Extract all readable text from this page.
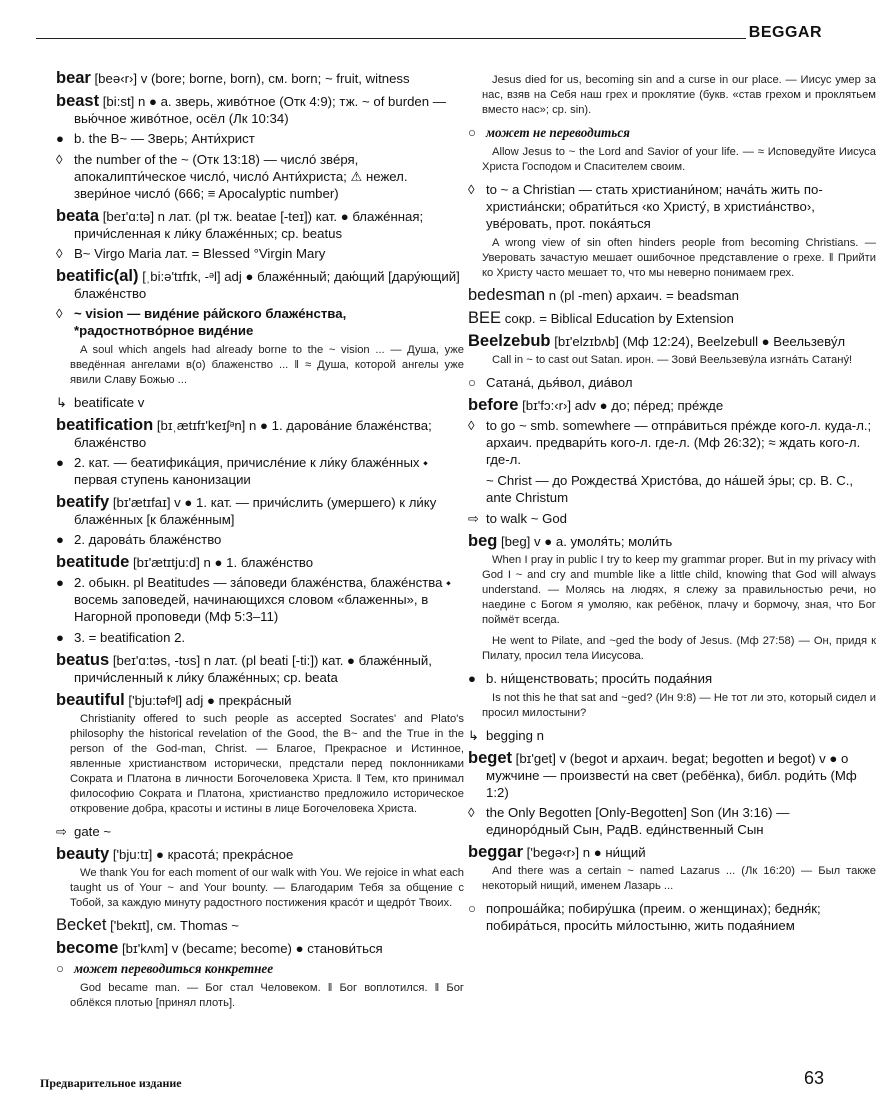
BEGGAR
bear [beə‹r›] v (bore; borne, born), см. born; ~ fruit, witness
beast [bi:st] n ● a. зверь, живóтное (Отк 4:9); тж. ~ of burden — вью́чное живóтное, осёл (Лк 10:34)
● b. the B~ — Зверь; Анти́христ
◊ the number of the ~ (Отк 13:18) — числó звéря, апокалипти́ческое числó, числó Анти́христа; ⚠ нежел. звери́ное числó (666; ≡ Apocalyptic number)
beata [beɪ'ɑ:tə] n лат. (pl тж. beatae [-teɪ]) кат. ● блажéнная; причи́сленная к ли́ку блажéнных; ср. beatus
◊ B~ Virgo Maria лат. = Blessed °Virgin Mary
beatific(al) [ˌbi:ə'tɪfɪk, -ᵊl] adj ● блажéнный; даю́щий [дару́ющий] блажéнство
◊ ~ vision — видéние ра́йского блажéнства, *радостнотвóрное видéние
A soul which angels had already borne to the ~ vision ... — Душа, уже введённая ангелами в(о) блаженство ... ‖ ≈ Душа, которой ангелы уже явили Славу Божью ...
↳ beatificate v
beatification [bɪˌætɪfɪ'keɪʃᵊn] n ● 1. дарова́ние блажéнства; блажéнство
● 2. кат. — беатифика́ция, причислéние к ли́ку блажéнных ⬩ первая ступень канонизации
beatify [bɪ'ætɪfaɪ] v ● 1. кат. — причи́слить (умершего) к ли́ку блажéнных [к блажéнным]
● 2. дарова́ть блажéнство
beatitude [bɪ'ætɪtju:d] n ● 1. блажéнство
● 2. обыкн. pl Beatitudes — за́поведи блажéнства, блажéнства ⬩ восемь заповедей, начинающихся словом «блаженны», в Нагорной проповеди (Мф 5:3–11)
● 3. = beatification 2.
beatus [beɪ'ɑ:təs, -tʊs] n лат. (pl beati [-ti:]) кат. ● блажéнный, причи́сленный к ли́ку блажéнных; ср. beata
beautiful ['bju:təfᵊl] adj ● прекра́сный
Christianity offered to such people as accepted Socrates' and Plato's philosophy the historical revelation of the Good, the B~ and the True in the person of the God-man, Christ. — Благое, Прекрасное и Истинное, явленные христианством исторически, предстали перед поклонниками Сократа и Платона в личности Богочеловека Христа. ‖ Тем, кто принимал философию Сократа и Платона, христианство предложило историческое откровение добра, красоты и истины в лице Богочеловека Христа.
⇨ gate ~
beauty ['bju:tɪ] ● красотá; прекра́сное
We thank You for each moment of our walk with You. We rejoice in what each taught us of Your ~ and Your bounty. — Благодарим Тебя за общение с Тобой, за каждую минуту радостного постижения красóт и щедрóт Твоих.
Becket ['bekɪt], см. Thomas ~
become [bɪ'kʌm] v (became; become) ● станови́ться
○ может переводиться конкретнее
God became man. — Бог стал Человеком. ‖ Бог воплотился. ‖ Бог облёкся плотью [принял плоть].
Jesus died for us, becoming sin and a curse in our place. — Иисус умер за нас, взяв на Себя наш грех и проклятие (букв. «став грехом и проклятьем вместо нас»; ср. sin).
○ может не переводиться
Allow Jesus to ~ the Lord and Savior of your life. — ≈ Исповедуйте Иисуса Христа Господом и Спасителем своим.
◊ to ~ a Christian — стать христиани́ном; нача́ть жить по-христиа́нски; обрати́ться ‹ко Христу́, в христиа́нство›, увéровать, прот. пока́яться
A wrong view of sin often hinders people from becoming Christians. — Уверовать зачастую мешает ошибочное представление о грехе. ‖ Прийти ко Христу часто мешает то, что мы неверно понимаем грех.
bedesman n (pl -men) архаич. = beadsman
BEE сокр. = Biblical Education by Extension
Beelzebub [bɪ'elzɪbʌb] (Мф 12:24), Beelzebull ● Веельзеву́л
Call in ~ to cast out Satan. ирон. — Зови́ Веельзеву́ла изгна́ть Сатану́!
○ Сатана́, дья́вол, диа́вол
before [bɪ'fɔ:‹r›] adv ● до; пéред; прéжде
◊ to go ~ smb. somewhere — отпра́виться прéжде кого-л. куда-л.; архаич. предвари́ть кого-л. где-л. (Мф 26:32); ≈ ждать кого-л. где-л.
~ Christ — до Рождества́ Христóва, до на́шей э́ры; ср. B. C., ante Christum
⇨ to walk ~ God
beg [beg] v ● a. умоля́ть; моли́ть
When I pray in public I try to keep my grammar proper. But in my privacy with God I ~ and cry and mumble like a little child, knowing that God will always understand. — Молясь на людях, я слежу за правильностью речи, но наедине с Богом я умоляю, как ребёнок, плачу и бормочу, зная, что Бог поймёт всегда.
He went to Pilate, and ~ged the body of Jesus. (Мф 27:58) — Он, придя к Пилату, просил тела Иисусова.
● b. ни́щенствовать; проси́ть подая́ния
Is not this he that sat and ~ged? (Ин 9:8) — Не тот ли это, который сидел и просил милостыни?
↳ begging n
beget [bɪ'get] v (begot и архаич. begat; begotten и begot) v ● о мужчине — произвести́ на свет (ребёнка), библ. роди́ть (Мф 1:2)
◊ the Only Begotten [Only-Begotten] Son (Ин 3:16) — единорóдный Сын, РадВ. еди́нственный Сын
beggar ['begə‹r›] n ● ни́щий
And there was a certain ~ named Lazarus ... (Лк 16:20) — Был также некоторый нищий, именем Лазарь ...
○ попроша́йка; побиру́шка (преим. о женщинах); бедня́к; побира́ться, проси́ть ми́лостыню, жить подая́нием
Предварительное издание	63
